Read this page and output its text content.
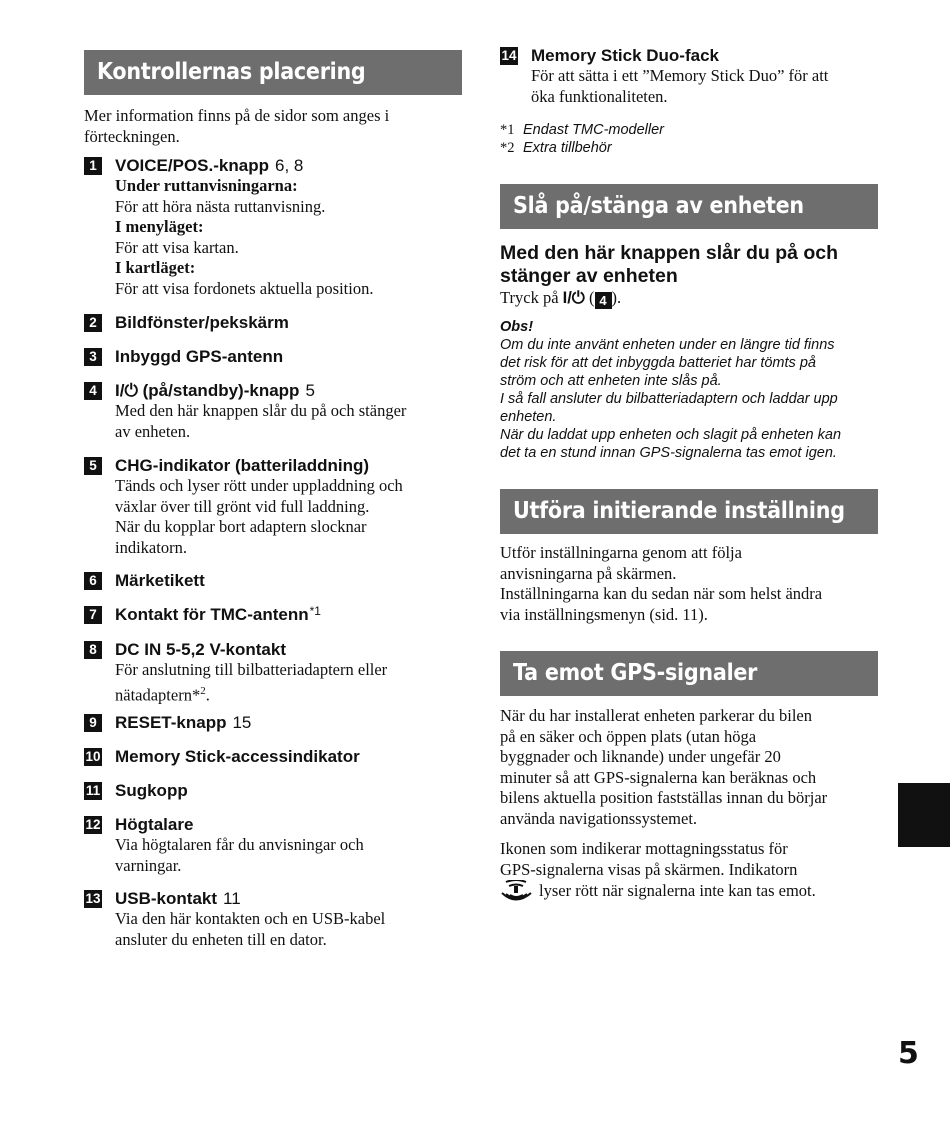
Kontrollernas placering
Mer information finns på de sidor som anges i
förteckningen.
1	VOICE/POS.-knapp 6, 8
Under ruttanvisningarna:
För att höra nästa ruttanvisning.
I menyläget:
För att visa kartan.
I kartläget:
För att visa fordonets aktuella position.
2	Bildfönster/pekskärm
3	Inbyggd GPS-antenn
4	I/⏻ (på/standby)-knapp 5
Med den här knappen slår du på och stänger
av enheten.
5	CHG-indikator (batteriladdning)
Tänds och lyser rött under uppladdning och
växlar över till grönt vid full laddning.
När du kopplar bort adaptern slocknar
indikatorn.
6	Märketikett
7	Kontakt för TMC-antenn$^{*1}$
8	DC IN 5-5,2 V-kontakt
För anslutning till bilbatteriadaptern eller
nätadaptern*$^2$.
9	RESET-knapp 15
10 Memory Stick-accessindikator
11 Sugkopp
12 Högtalare
Via högtalaren får du anvisningar och
varningar.
13 USB-kontakt 11
Via den här kontakten och en USB-kabel
ansluter du enheten till en dator.
14 Memory Stick Duo-fack
För att sätta i ett ”Memory Stick Duo” för att
öka funktionaliteten.
*1 Endast TMC-modeller
*2 Extra tillbehör
Slå på/stänga av enheten
Med den här knappen slår du på och
stänger av enheten
Tryck på I/⏻ ( 4 ).
Obs!
Om du inte använt enheten under en längre tid finns
det risk för att det inbyggda batteriet har tömts på
ström och att enheten inte slås på.
I så fall ansluter du bilbatteriadaptern och laddar upp
enheten.
När du laddat upp enheten och slagit på enheten kan
det ta en stund innan GPS-signalerna tas emot igen.
Utföra initierande inställning
Utför inställningarna genom att följa
anvisningarna på skärmen.
Inställningarna kan du sedan när som helst ändra
via inställningsmenyn (sid. 11).
Ta emot GPS-signaler
När du har installerat enheten parkerar du bilen
på en säker och öppen plats (utan höga
byggnader och liknande) under ungefär 20
minuter så att GPS-signalerna kan beräknas och
bilens aktuella position fastställas innan du börjar
använda navigationssystemet.
Ikonen som indikerar mottagningsstatus för
GPS-signalerna visas på skärmen. Indikatorn
lyser rött när signalerna inte kan tas emot.
5
